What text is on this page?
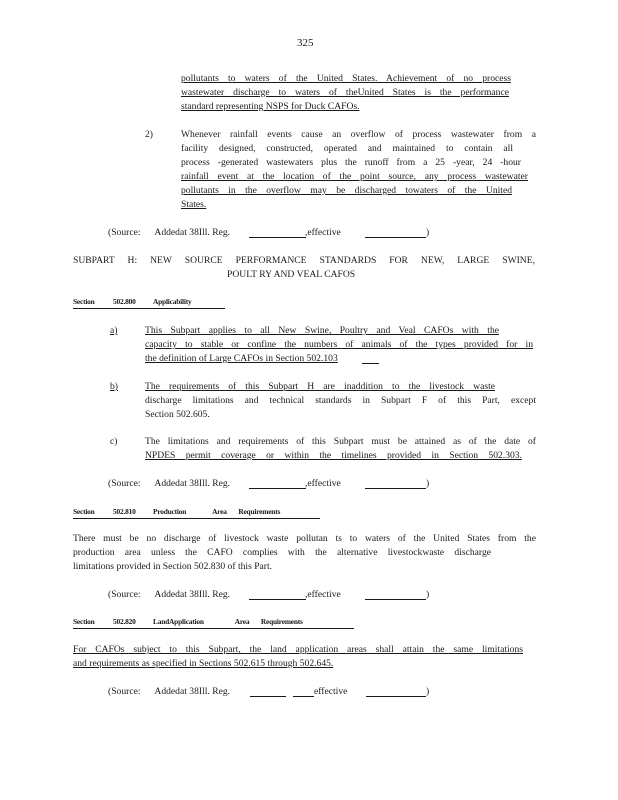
325
pollutants to waters of the United States. Achievement of no process
wastewater discharge to waters of theUnited States is the performance
standard representing NSPS for Duck CAFOs.
2)	Whenever rainfall events cause an overflow of process wastewater from a
facility designed, constructed, operated and maintained to contain all
process -generated wastewaters plus the runoff from a 25 -year, 24 -hour
rainfall event at the location of the point source, any process wastewater
pollutants in the overflow may be discharged towaters of the United
States.
(Source: Addedat 38Ill. Reg.	,effective	)
SUBPART H: NEW SOURCE PERFORMANCE STANDARDS FOR NEW, LARGE SWINE,
POULT RY AND VEAL CAFOS
Section 502.800 Applicability
a)	This Subpart applies to all New Swine, Poultry and Veal CAFOs with the
capacity to stable or confine the numbers of animals of the types provided for in
the definition of Large CAFOs in Section 502.103
b)	The requirements of this Subpart H are inaddition to the livestock waste
discharge limitations and technical standards in Subpart F of this Part, except
Section 502.605.
c)	The limitations and requirements of this Subpart must be attained as of the date of
NPDES permit coverage or within the timelines provided in Section 502.303.
(Source: Addedat 38Ill. Reg.	,effective	)
Section 502.810 Production                Area       Requirements
There must be no discharge of livestock waste pollutan ts to waters of the United States from the
production area unless the CAFO complies with the alternative livestockwaste discharge
limitations provided in Section 502.830 of this Part.
(Source: Addedat 38Ill. Reg.	,effective	)
Section 502.820 LandApplication                   Area       Requirements
For CAFOs subject to this Subpart, the land application areas shall attain the same limitations
and requirements as specified in Sections 502.615 through 502.645.
(Source: Addedat 38Ill. Reg.	effective	)
